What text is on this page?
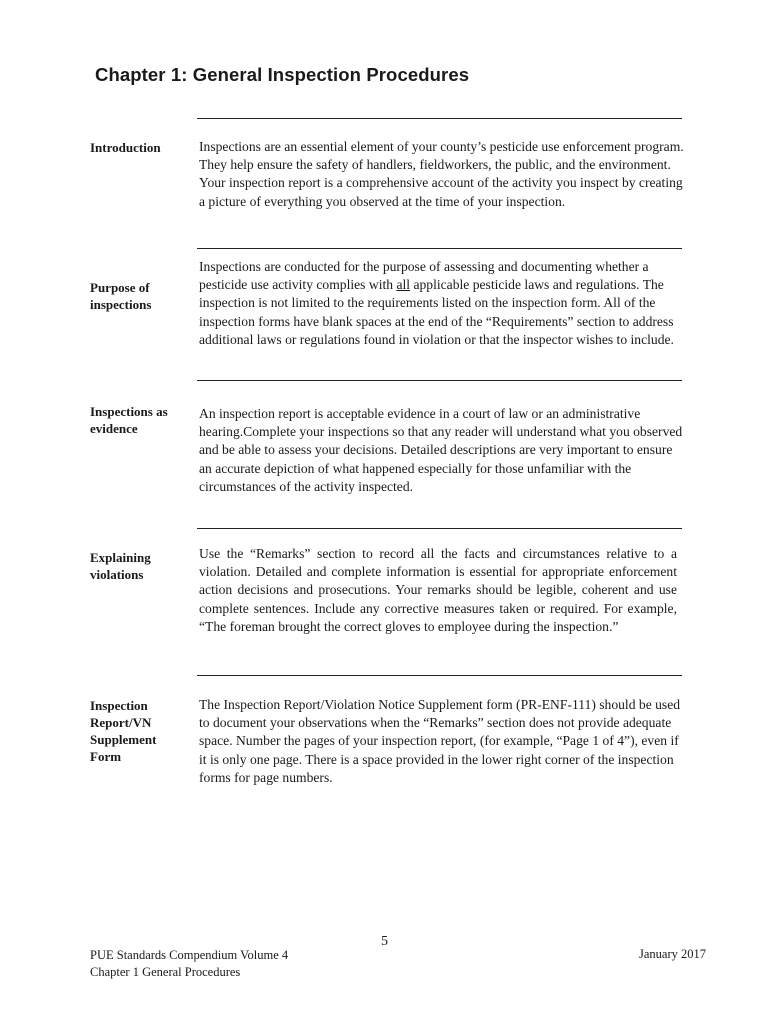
Chapter 1: General Inspection Procedures

Introduction	Inspections are an essential element of your county’s pesticide use enforcement program. They help ensure the safety of handlers, fieldworkers, the public, and the environment. Your inspection report is a comprehensive account of the activity you inspect by creating a picture of everything you observed at the time of your inspection.

Purpose of inspections

Inspections are conducted for the purpose of assessing and documenting whether a pesticide use activity complies with all applicable pesticide laws and regulations. The inspection is not limited to the requirements listed on the inspection form. All of the inspection forms have blank spaces at the end of the “Requirements” section to address additional laws or regulations found in violation or that the inspector wishes to include.

Inspections as evidence

An inspection report is acceptable evidence in a court of law or an administrative hearing.Complete your inspections so that any reader will understand what you observed and be able to assess your decisions. Detailed descriptions are very important to ensure an accurate depiction of what happened especially for those unfamiliar with the circumstances of the activity inspected.

Explaining violations

Use the “Remarks” section to record all the facts and circumstances relative to a violation. Detailed and complete information is essential for appropriate enforcement action decisions and prosecutions. Your remarks should be legible, coherent and use complete sentences. Include any corrective measures taken or required. For example, “The foreman brought the correct gloves to employee during the inspection.”

Inspection Report/VN Supplement Form

The Inspection Report/Violation Notice Supplement form (PR-ENF-111) should be used to document your observations when the “Remarks” section does not provide adequate space. Number the pages of your inspection report, (for example, “Page 1 of 4”), even if it is only one page. There is a space provided in the lower right corner of the inspection forms for page numbers.

5
PUE Standards Compendium Volume 4
Chapter 1 General Procedures
January 2017
